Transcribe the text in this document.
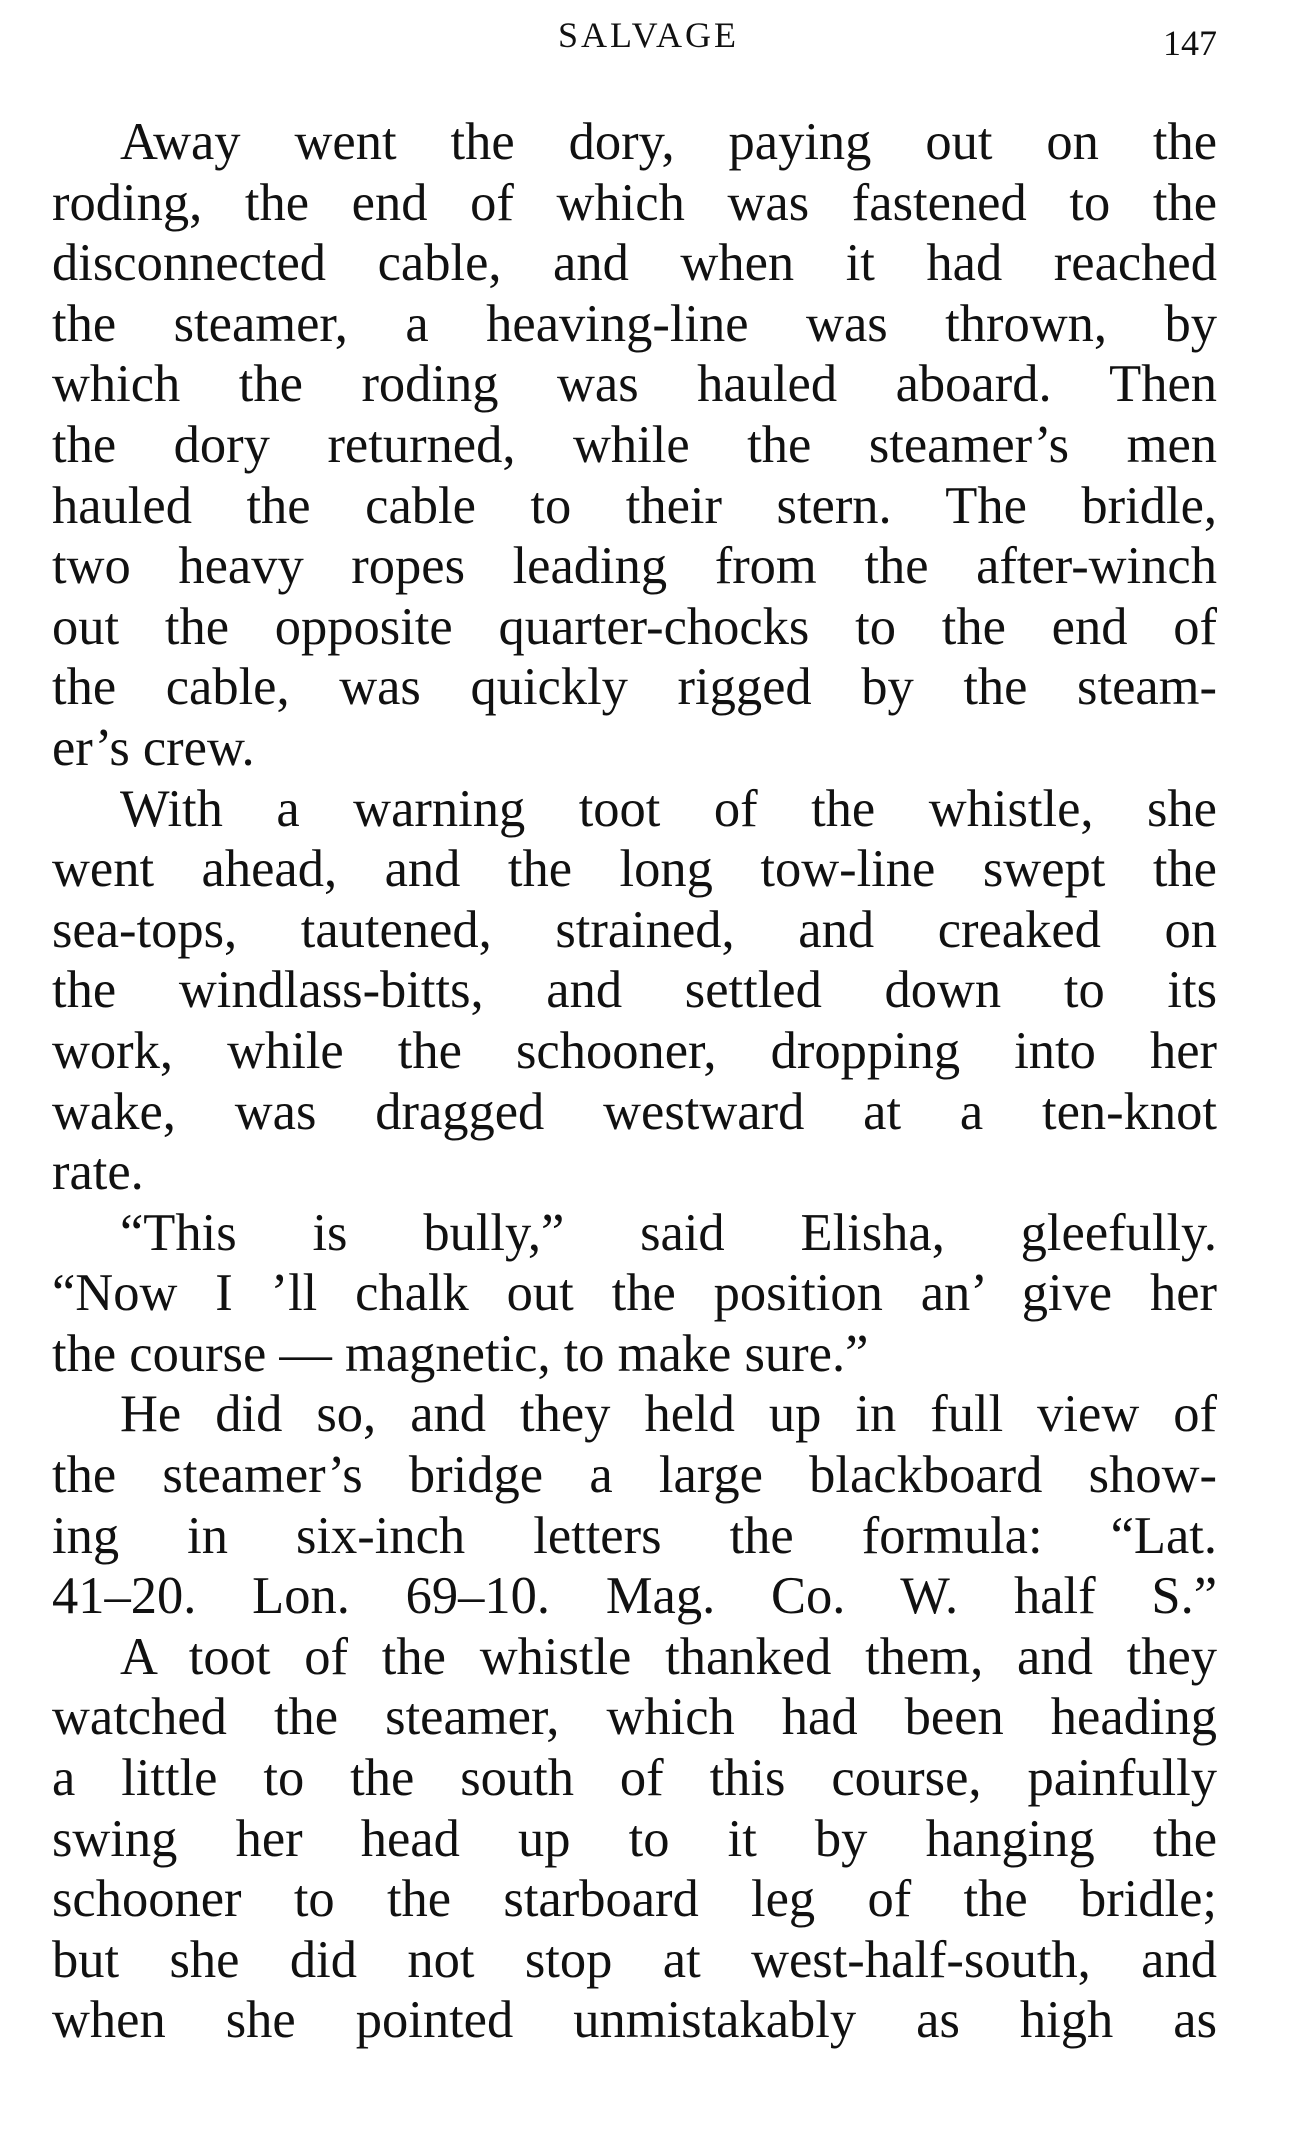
SALVAGE	147
Away went the dory, paying out on the
roding, the end of which was fastened to the
disconnected cable, and when it had reached
the steamer, a heaving-line was thrown, by
which the roding was hauled aboard. Then
the dory returned, while the steamer’s men
hauled the cable to their stern. The bridle,
two heavy ropes leading from the after-winch
out the opposite quarter-chocks to the end of
the cable, was quickly rigged by the steam-
er’s crew.
With a warning toot of the whistle, she
went ahead, and the long tow-line swept the
sea-tops, tautened, strained, and creaked on
the windlass-bitts, and settled down to its
work, while the schooner, dropping into her
wake, was dragged westward at a ten-knot
rate.
“This is bully,” said Elisha, gleefully.
“Now I ’ll chalk out the position an’ give her
the course — magnetic, to make sure.”
He did so, and they held up in full view of
the steamer’s bridge a large blackboard show-
ing in six-inch letters the formula: “Lat.
41–20. Lon. 69–10. Mag. Co. W. half S.”
A toot of the whistle thanked them, and they
watched the steamer, which had been heading
a little to the south of this course, painfully
swing her head up to it by hanging the
schooner to the starboard leg of the bridle;
but she did not stop at west-half-south, and
when she pointed unmistakably as high as
